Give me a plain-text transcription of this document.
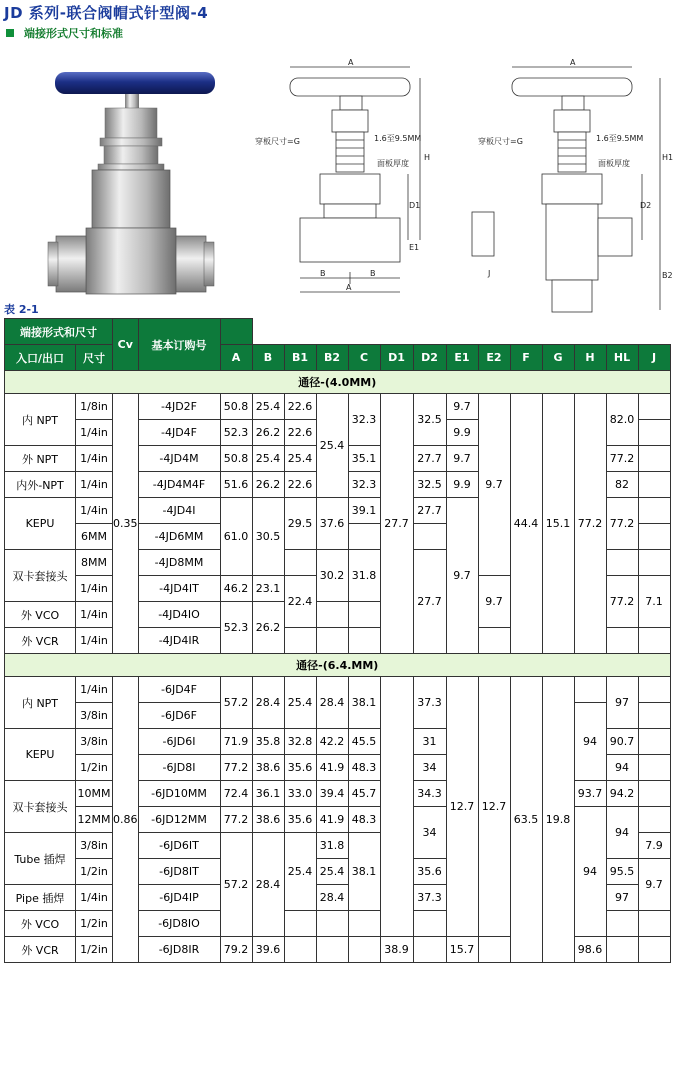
JD 系列-联合阀帽式针型阀-4
端接形式尺寸和标准
A
穿板尺寸=G	1.6至9.5MM
面板厚度
H
D1
E1
B	B
A
A
穿板尺寸=G	1.6至9.5MM
面板厚度
H1
D2
B2
J
表 2-1
端接形式和尺寸		Cv	基本订购号														
入口/出口	尺寸			A	B	B1	B2	C	D1	D2	E1	E2	F	G	H	HL	J
通径-(4.0MM)																	
内 NPT	1/8in	0.35	-4JD2F	50.8	25.4	22.6	25.4	32.3	27.7	32.5	9.7	9.7	44.4	15.1	77.2	82.0	
	1/4in		-4JD4F	52.3	26.2	22.6					9.9						
外 NPT	1/4in		-4JD4M	50.8	25.4	25.4		35.1		27.7	9.7					77.2	
内外-NPT	1/4in		-4JD4M4F	51.6	26.2	22.6		32.3		32.5	9.9					82	
KEPU	1/4in		-4JD4I	61.0	30.5	29.5	37.6	39.1		27.7	9.7					77.2	
	6MM		-4JD6MM														
双卡套接头	8MM		-4JD8MM				30.2	31.8		27.7							
	1/4in		-4JD4IT	46.2	23.1	22.4						9.7				77.2	7.1
外 VCO	1/4in		-4JD4IO	52.3	26.2												
外 VCR	1/4in		-4JD4IR														
通径-(6.4.MM)																	
内 NPT	1/4in	0.86	-6JD4F	57.2	28.4	25.4	28.4	38.1		37.3	12.7	12.7	63.5	19.8		97	
	3/8in		-6JD6F												94		
KEPU	3/8in		-6JD6I	71.9	35.8	32.8	42.2	45.5		31						90.7	
	1/2in		-6JD8I	77.2	38.6	35.6	41.9	48.3		34						94	
双卡套接头	10MM		-6JD10MM	72.4	36.1	33.0	39.4	45.7		34.3					93.7	94.2	
	12MM		-6JD12MM	77.2	38.6	35.6	41.9	48.3		34					94	94	
Tube 插焊	3/8in		-6JD6IT	57.2	28.4	25.4	31.8	38.1									7.9
	1/2in		-6JD8IT				25.4			35.6						95.5	9.7
Pipe 插焊	1/4in		-6JD4IP				28.4			37.3						97	
外 VCO	1/2in		-6JD8IO														
外 VCR	1/2in		-6JD8IR	79.2	39.6				38.9		15.7				98.6		
